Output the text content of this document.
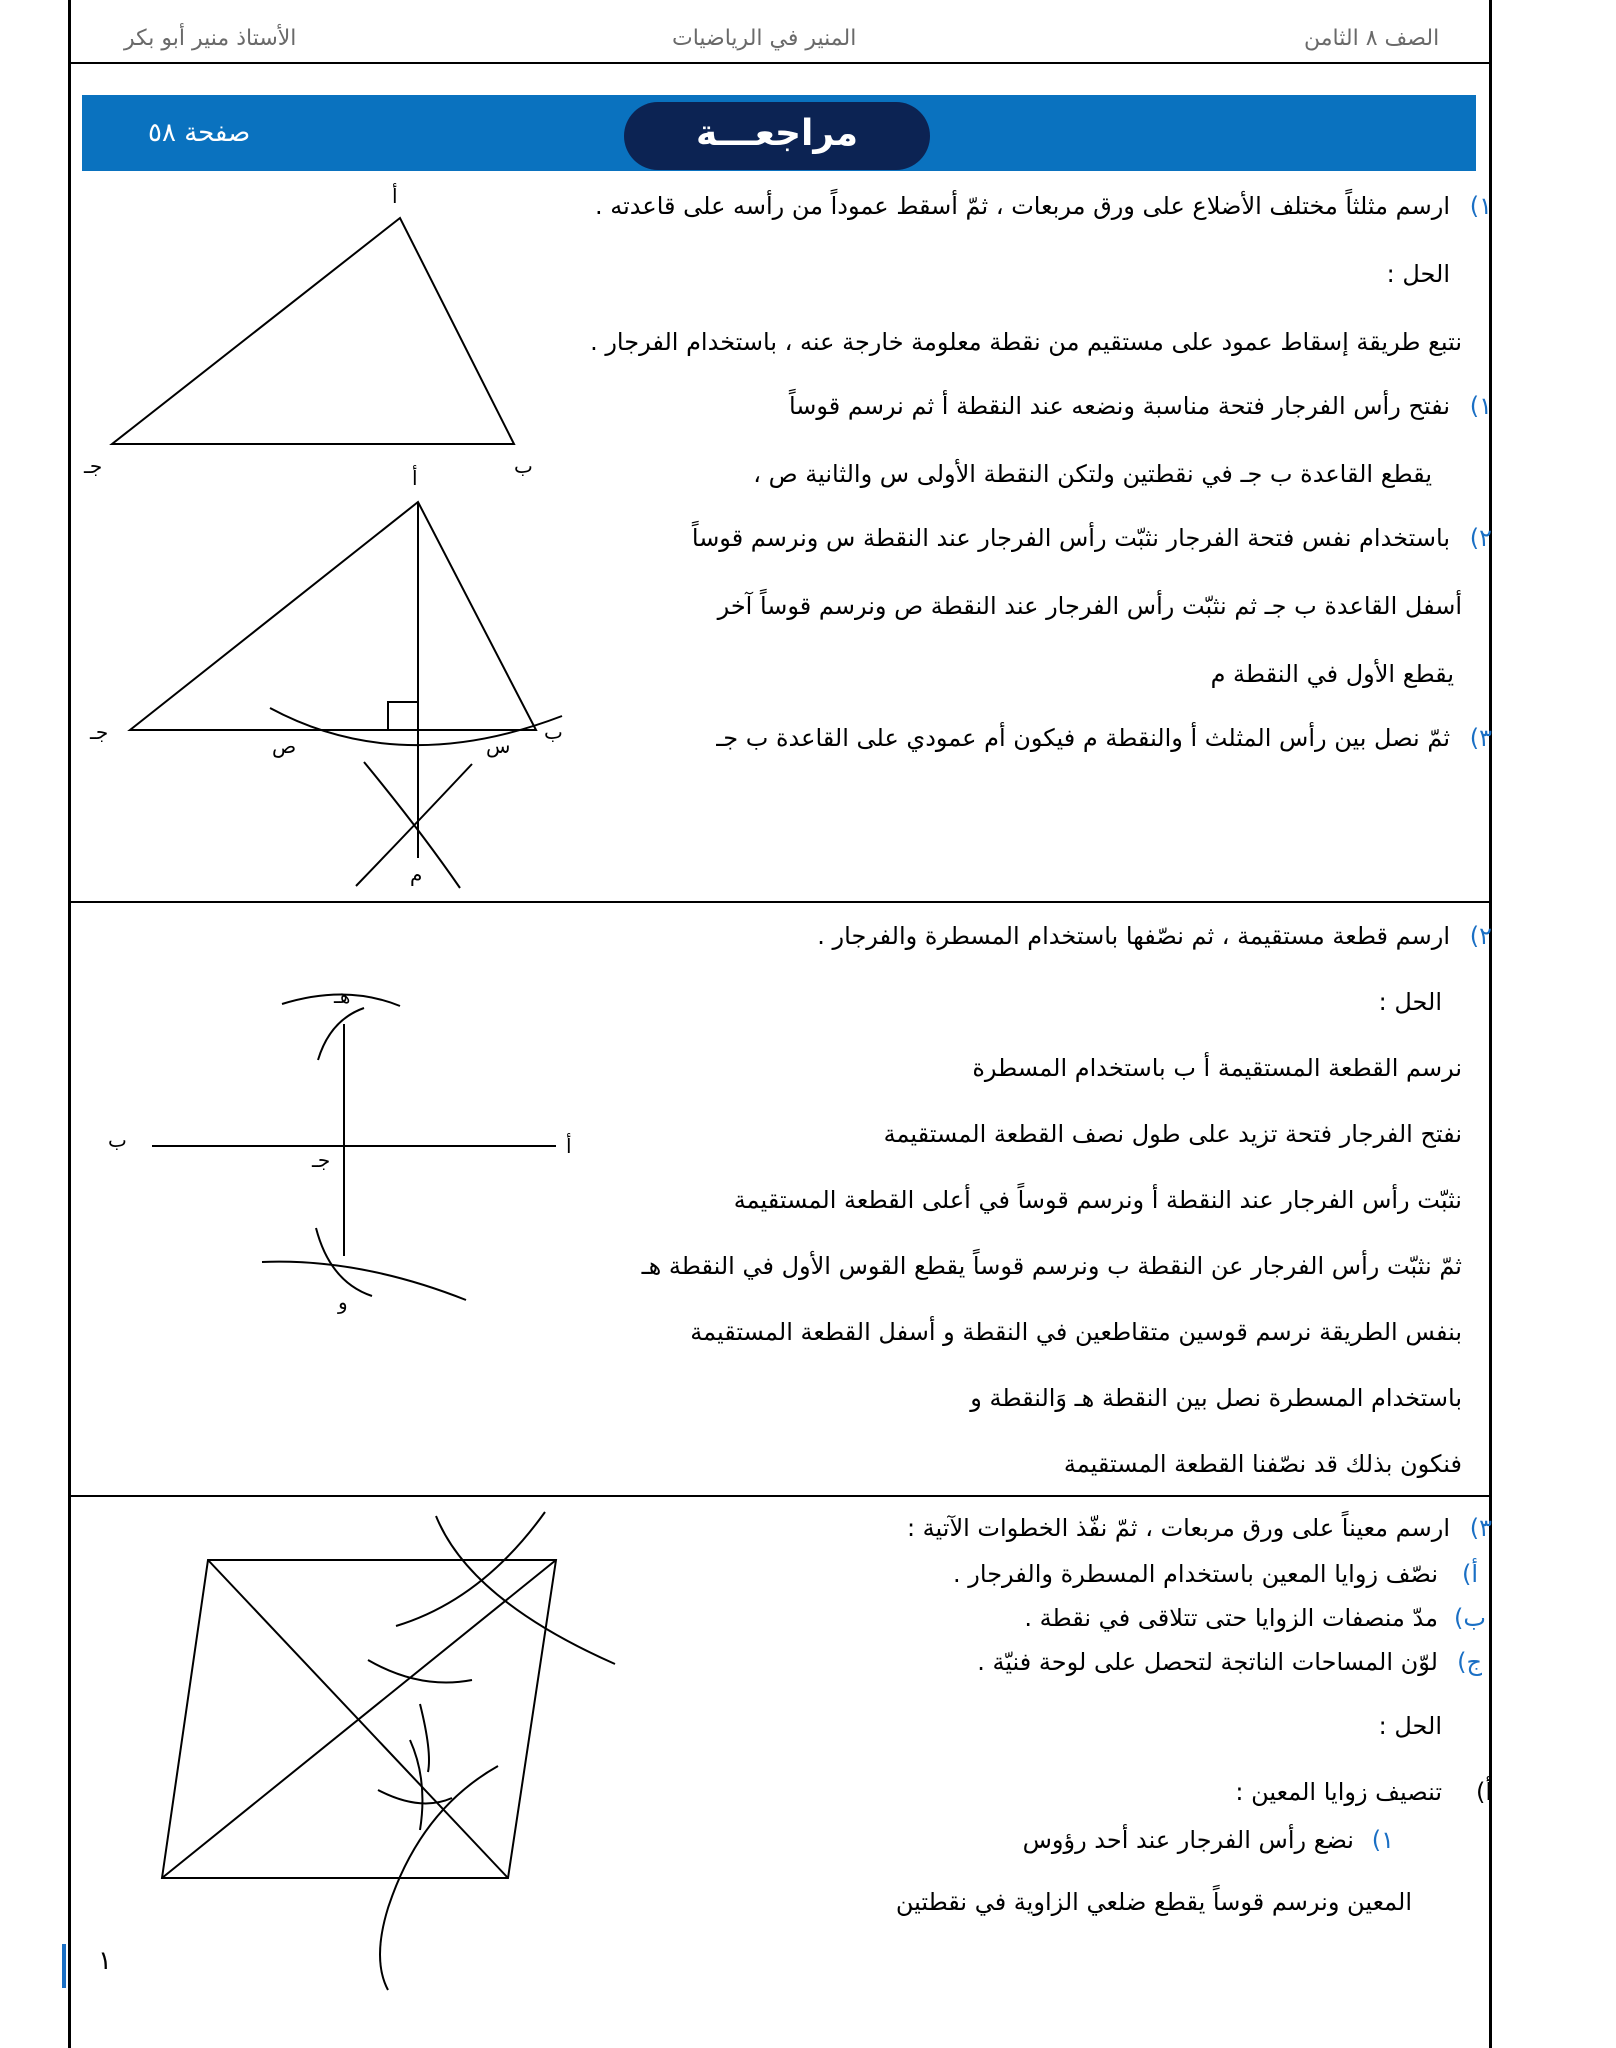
الأستاذ منير أبو بكر	المنير في الرياضيات	الصف ٨ الثامن
مراجعـــة
صفحة ٥٨
ارسم مثلثاً مختلف الأضلاع على ورق مربعات ، ثمّ أسقط عموداً من رأسه على قاعدته . ١)
الحل :
نتبع طريقة إسقاط عمود على مستقيم من نقطة معلومة خارجة عنه ، باستخدام الفرجار .
نفتح رأس الفرجار فتحة مناسبة ونضعه عند النقطة أ ثم نرسم قوساً ١)
يقطع القاعدة ب جـ في نقطتين ولتكن النقطة الأولى س والثانية ص ،
باستخدام نفس فتحة الفرجار نثبّت رأس الفرجار عند النقطة س ونرسم قوساً ٢)
أسفل القاعدة ب جـ ثم نثبّت رأس الفرجار عند النقطة ص ونرسم قوساً آخر
يقطع الأول في النقطة م
ثمّ نصل بين رأس المثلث أ والنقطة م فيكون أم عمودي على القاعدة ب جـ ٣)
ارسم قطعة مستقيمة ، ثم نصّفها باستخدام المسطرة والفرجار . ٢)
الحل :
نرسم القطعة المستقيمة أ ب باستخدام المسطرة
نفتح الفرجار فتحة تزيد على طول نصف القطعة المستقيمة
نثبّت رأس الفرجار عند النقطة أ ونرسم قوساً في أعلى القطعة المستقيمة
ثمّ نثبّت رأس الفرجار عن النقطة ب ونرسم قوساً يقطع القوس الأول في النقطة هـ
بنفس الطريقة نرسم قوسين متقاطعين في النقطة و أسفل القطعة المستقيمة
باستخدام المسطرة نصل بين النقطة هـ وَالنقطة و
فنكون بذلك قد نصّفنا القطعة المستقيمة
ارسم معيناً على ورق مربعات ، ثمّ نفّذ الخطوات الآتية : ٣)
نصّف زوايا المعين باستخدام المسطرة والفرجار . أ)
مدّ منصفات الزوايا حتى تتلاقى في نقطة . ب)
لوّن المساحات الناتجة لتحصل على لوحة فنيّة . ج)
الحل :
تنصيف زوايا المعين : أ)
نضع رأس الفرجار عند أحد رؤوس ١)
المعين ونرسم قوساً يقطع ضلعي الزاوية في نقطتين
أ
ب
جـ	أ
ب
جـ
س
ص
م
أ
ب
جـ
هـ
و
١
